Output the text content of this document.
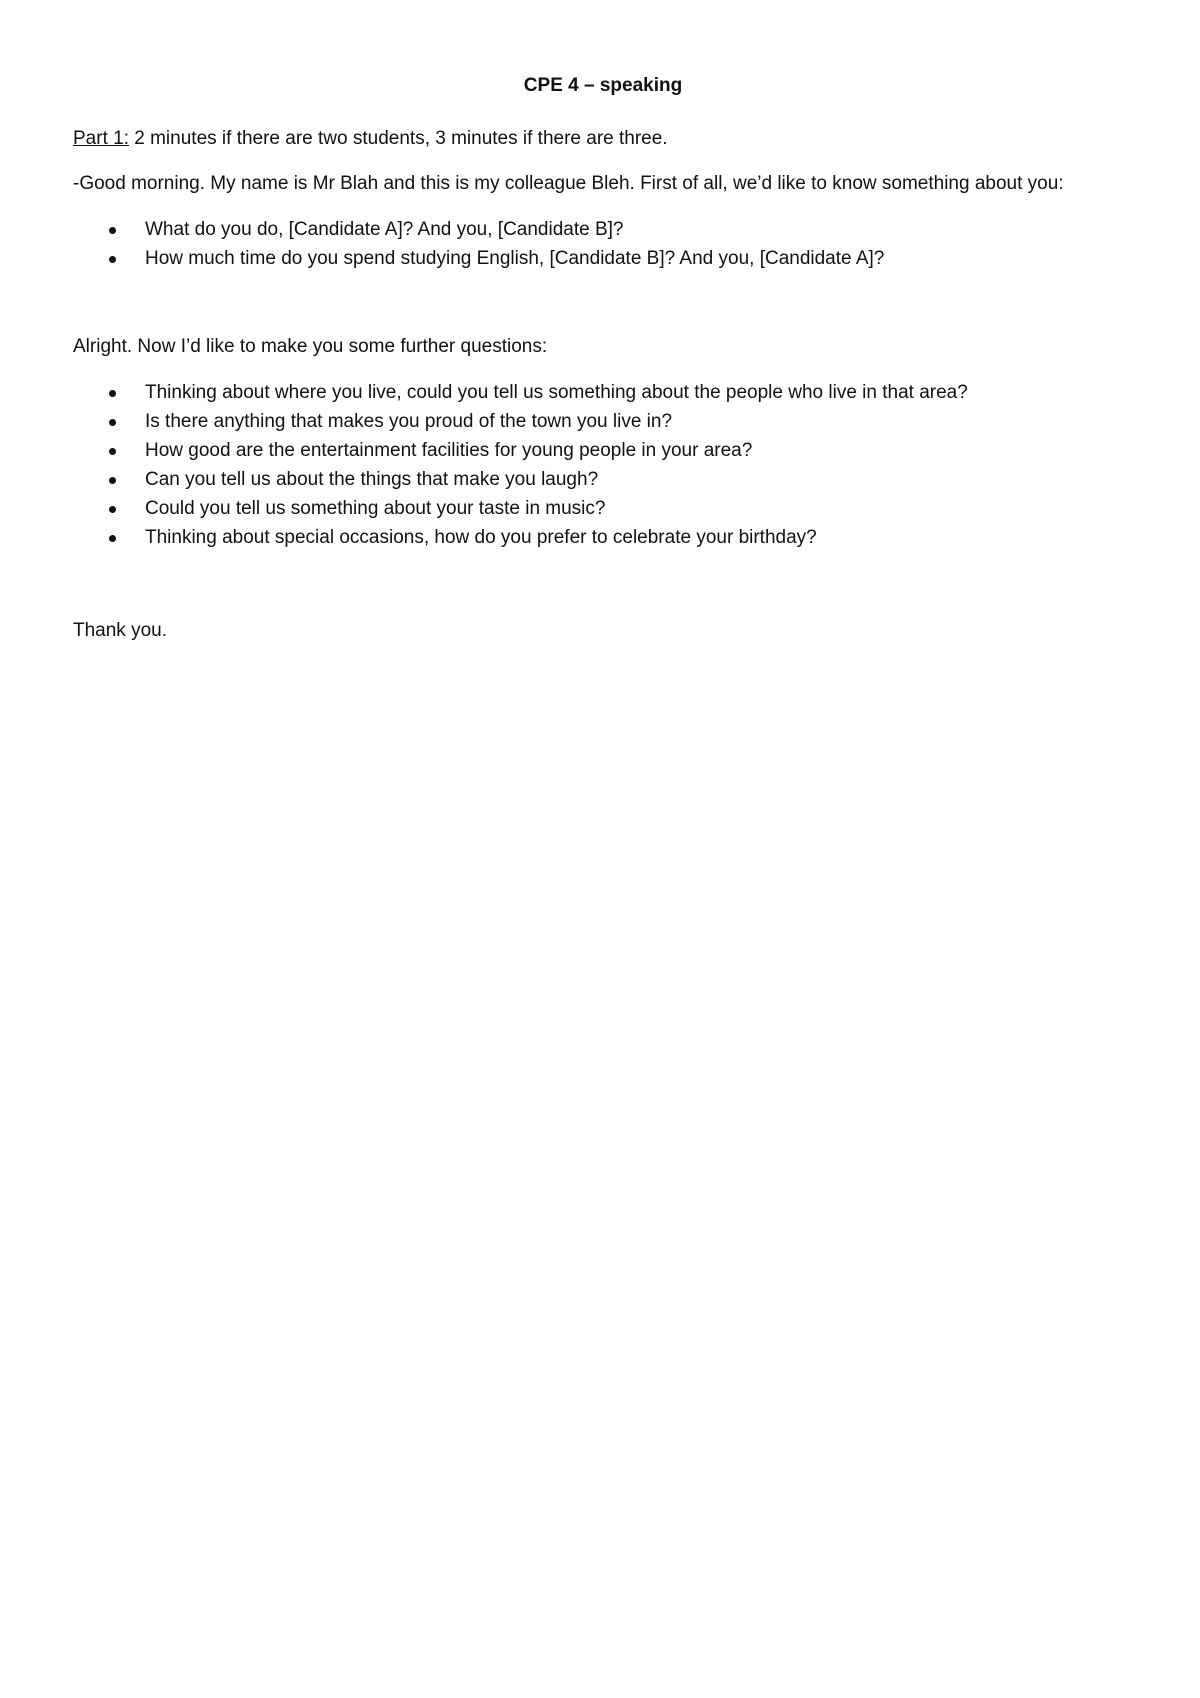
CPE 4 – speaking

Part 1: 2 minutes if there are two students, 3 minutes if there are three.

-Good morning. My name is Mr Blah and this is my colleague Bleh. First of all, we’d like to know something about you:

What do you do, [Candidate A]? And you, [Candidate B]?
How much time do you spend studying English, [Candidate B]? And you, [Candidate A]?

Alright. Now I’d like to make you some further questions:

Thinking about where you live, could you tell us something about the people who live in that area?
Is there anything that makes you proud of the town you live in?
How good are the entertainment facilities for young people in your area?
Can you tell us about the things that make you laugh?
Could you tell us something about your taste in music?
Thinking about special occasions, how do you prefer to celebrate your birthday?

Thank you.
